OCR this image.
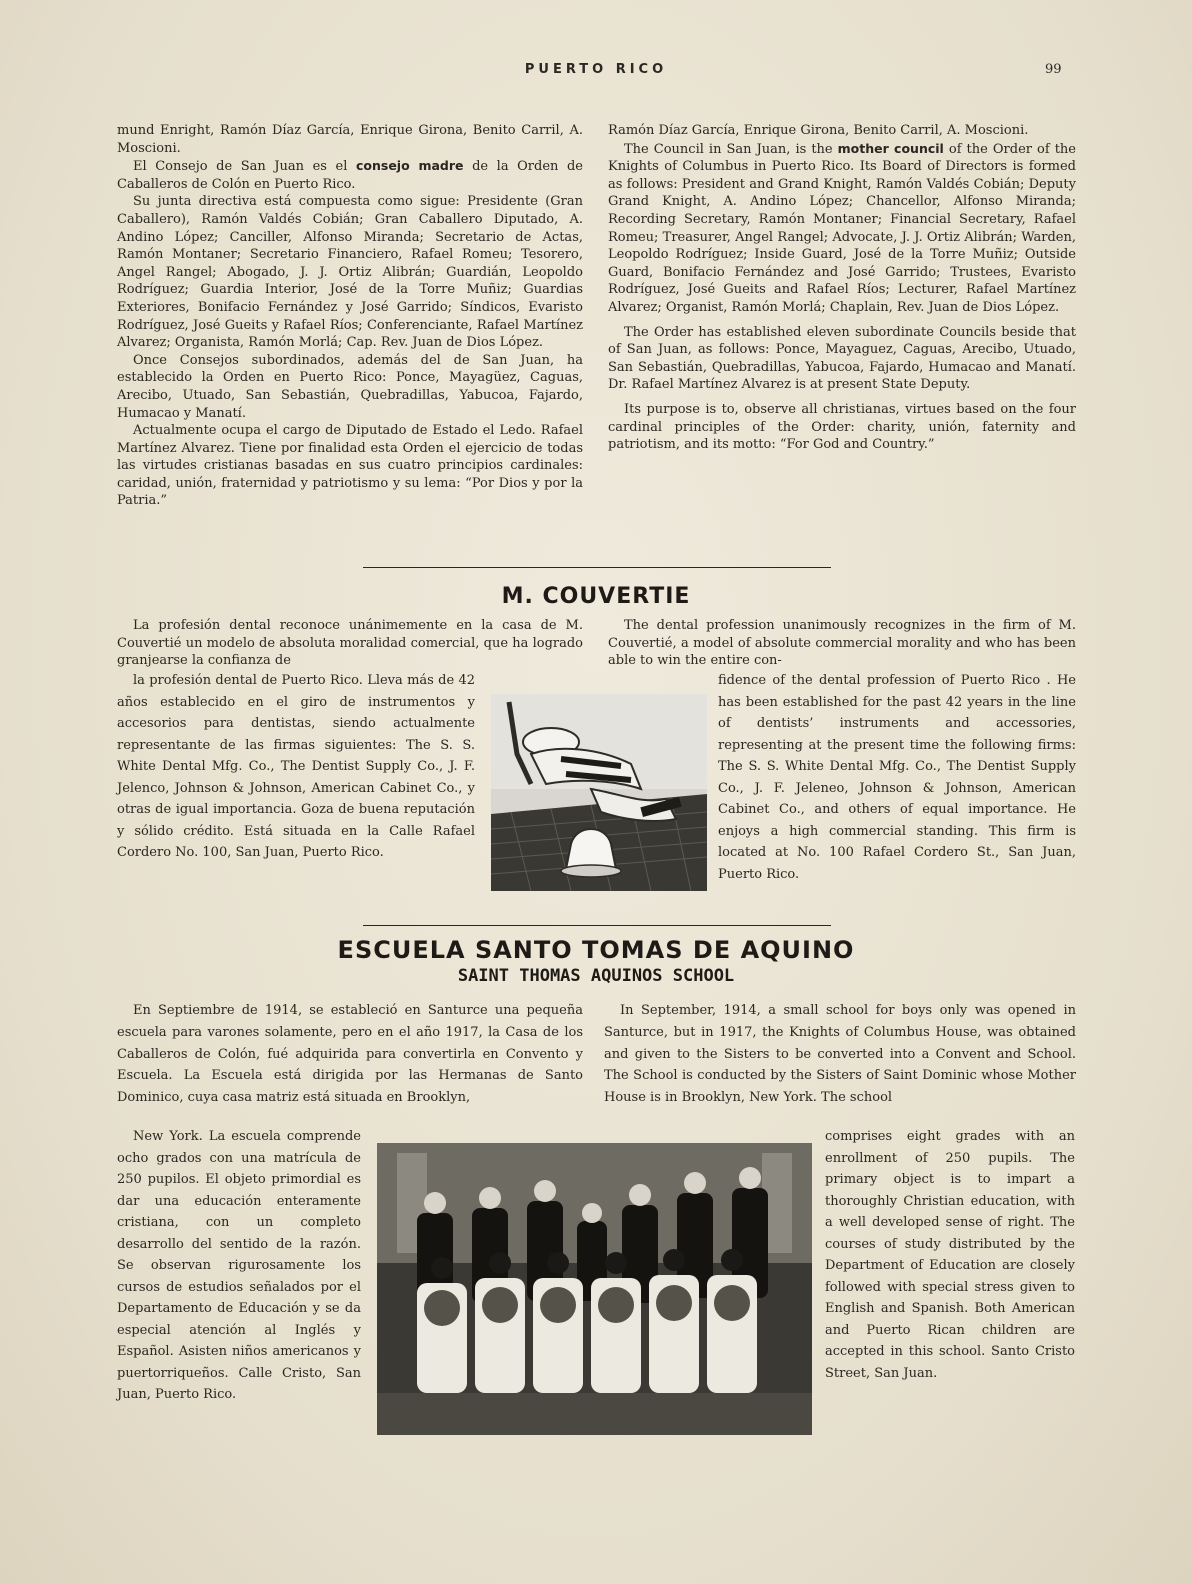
PUERTO RICO	99

mund Enright, Ramón Díaz García, Enrique Girona, Benito Carril, A. Moscioni.

El Consejo de San Juan es el consejo madre de la Orden de Caballeros de Colón en Puerto Rico.

Su junta directiva está compuesta como sigue: Presidente (Gran Caballero), Ramón Valdés Cobián; Gran Caballero Diputado, A. Andino López; Canciller, Alfonso Miranda; Secretario de Actas, Ramón Montaner; Secretario Financiero, Rafael Romeu; Tesorero, Angel Rangel; Abogado, J. J. Ortiz Alibrán; Guardián, Leopoldo Rodríguez; Guardia Interior, José de la Torre Muñiz; Guardias Exteriores, Bonifacio Fernández y José Garrido; Síndicos, Evaristo Rodríguez, José Gueits y Rafael Ríos; Conferenciante, Rafael Martínez Alvarez; Organista, Ramón Morlá; Cap. Rev. Juan de Dios López.

Once Consejos subordinados, además del de San Juan, ha establecido la Orden en Puerto Rico: Ponce, Mayagüez, Caguas, Arecibo, Utuado, San Sebastián, Quebradillas, Yabucoa, Fajardo, Humacao y Manatí.

Actualmente ocupa el cargo de Diputado de Estado el Ledo. Rafael Martínez Alvarez. Tiene por finalidad esta Orden el ejercicio de todas las virtudes cristianas basadas en sus cuatro principios cardinales: caridad, unión, fraternidad y patriotismo y su lema: “Por Dios y por la Patria.”

Ramón Díaz García, Enrique Girona, Benito Carril, A. Moscioni.

The Council in San Juan, is the mother council of the Order of the Knights of Columbus in Puerto Rico. Its Board of Directors is formed as follows: President and Grand Knight, Ramón Valdés Cobián; Deputy Grand Knight, A. Andino López; Chancellor, Alfonso Miranda; Recording Secretary, Ramón Montaner; Financial Secretary, Rafael Romeu; Treasurer, Angel Rangel; Advocate, J. J. Ortiz Alibrán; Warden, Leopoldo Rodríguez; Inside Guard, José de la Torre Muñiz; Outside Guard, Bonifacio Fernández and José Garrido; Trustees, Evaristo Rodríguez, José Gueits and Rafael Ríos; Lecturer, Rafael Martínez Alvarez; Organist, Ramón Morlá; Chaplain, Rev. Juan de Dios López.

The Order has established eleven subordinate Councils beside that of San Juan, as follows: Ponce, Mayaguez, Caguas, Arecibo, Utuado, San Sebastián, Quebradillas, Yabucoa, Fajardo, Humacao and Manatí. Dr. Rafael Martínez Alvarez is at present State Deputy.

Its purpose is to, observe all christianas, virtues based on the four cardinal principles of the Order: charity, unión, faternity and patriotism, and its motto: “For God and Country.”

M. COUVERTIE

La profesión dental reconoce unánimemente en la casa de M. Couvertié un modelo de absoluta moralidad comercial, que ha logrado granjearse la confianza de

la profesión dental de Puerto Rico. Lleva más de 42 años establecido en el giro de instrumentos y accesorios para dentistas, siendo actualmente representante de las firmas siguientes: The S. S. White Dental Mfg. Co., The Dentist Supply Co., J. F. Jelenco, Johnson & Johnson, American Cabinet Co., y otras de igual importancia. Goza de buena reputación y sólido crédito. Está situada en la Calle Rafael Cordero No. 100, San Juan, Puerto Rico.

The dental profession unanimously recognizes in the firm of M. Couvertié, a model of absolute commercial morality and who has been able to win the entire con-

fidence of the dental profession of Puerto Rico . He has been established for the past 42 years in the line of dentists’ instruments and accessories, representing at the present time the following firms: The S. S. White Dental Mfg. Co., The Dentist Supply Co., J. F. Jeleneo, Johnson & Johnson, American Cabinet Co., and others of equal importance. He enjoys a high commercial standing. This firm is located at No. 100 Rafael Cordero St., San Juan, Puerto Rico.

ESCUELA SANTO TOMAS DE AQUINO
SAINT THOMAS AQUINOS SCHOOL

En Septiembre de 1914, se estableció en Santurce una pequeña escuela para varones solamente, pero en el año 1917, la Casa de los Caballeros de Colón, fué adquirida para convertirla en Convento y Escuela. La Escuela está dirigida por las Hermanas de Santo Dominico, cuya casa matriz está situada en Brooklyn,

New York. La escuela comprende ocho grados con una matrícula de 250 pupilos. El objeto primordial es dar una educación enteramente cristiana, con un completo desarrollo del sentido de la razón. Se observan rigurosamente los cursos de estudios señalados por el Departamento de Educación y se da especial atención al Inglés y Español. Asisten niños americanos y puertorriqueños. Calle Cristo, San Juan, Puerto Rico.

In September, 1914, a small school for boys only was opened in Santurce, but in 1917, the Knights of Columbus House, was obtained and given to the Sisters to be converted into a Convent and School. The School is conducted by the Sisters of Saint Dominic whose Mother House is in Brooklyn, New York. The school

comprises eight grades with an enrollment of 250 pupils. The primary object is to impart a thoroughly Christian education, with a well developed sense of right. The courses of study distributed by the Department of Education are closely followed with special stress given to English and Spanish. Both American and Puerto Rican children are accepted in this school. Santo Cristo Street, San Juan.
